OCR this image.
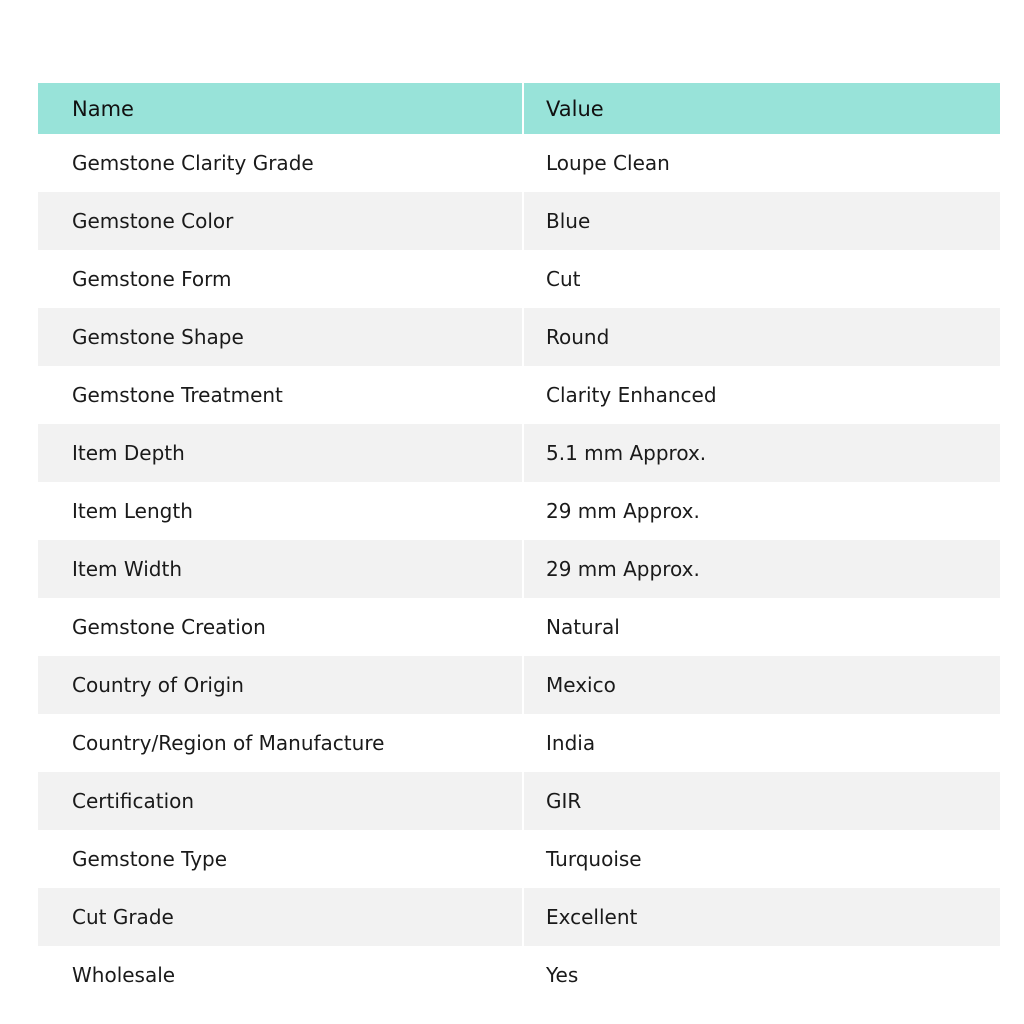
Name	Value
Gemstone Clarity Grade	Loupe Clean
Gemstone Color	Blue
Gemstone Form	Cut
Gemstone Shape	Round
Gemstone Treatment	Clarity Enhanced
Item Depth	5.1 mm Approx.
Item Length	29 mm Approx.
Item Width	29 mm Approx.
Gemstone Creation	Natural
Country of Origin	Mexico
Country/Region of Manufacture	India
Certification	GIR
Gemstone Type	Turquoise
Cut Grade	Excellent
Wholesale	Yes
